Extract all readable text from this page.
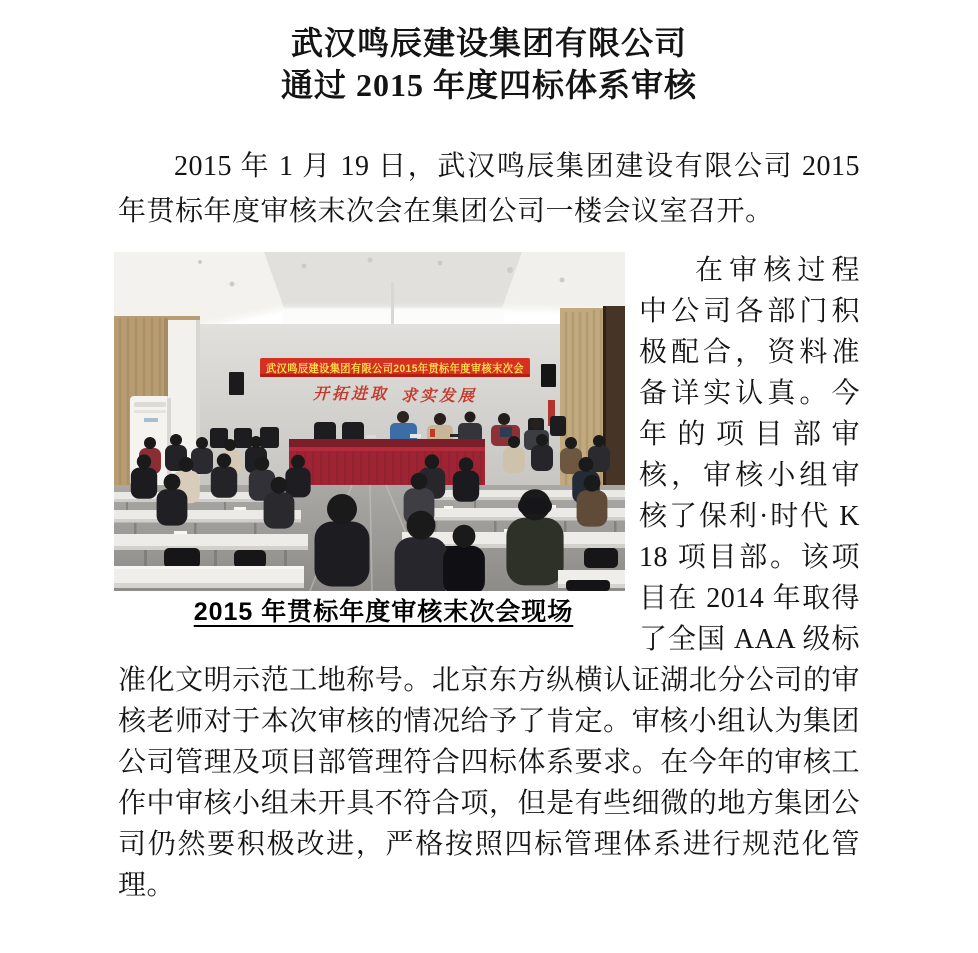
武汉鸣辰建设集团有限公司
通过 2015 年度四标体系审核
2015 年 1 月 19 日，武汉鸣辰集团建设有限公司 2015 年贯标年度审核末次会在集团公司一楼会议室召开。
武汉鸣辰建设集团有限公司2015年贯标年度审核末次会
开拓进取 求实发展
2015 年贯标年度审核末次会现场
在审核过程中公司各部门积极配合，资料准备详实认真。今年的项目部审核，审核小组审核了保利·时代 K18 项目部。该项目在 2014 年取得了全国 AAA 级标准化文明示范工地称号。北京东方纵横认证湖北分公司的审核老师对于本次审核的情况给予了肯定。审核小组认为集团公司管理及项目部管理符合四标体系要求。在今年的审核工作中审核小组未开具不符合项，但是有些细微的地方集团公司仍然要积极改进，严格按照四标管理体系进行规范化管理。
